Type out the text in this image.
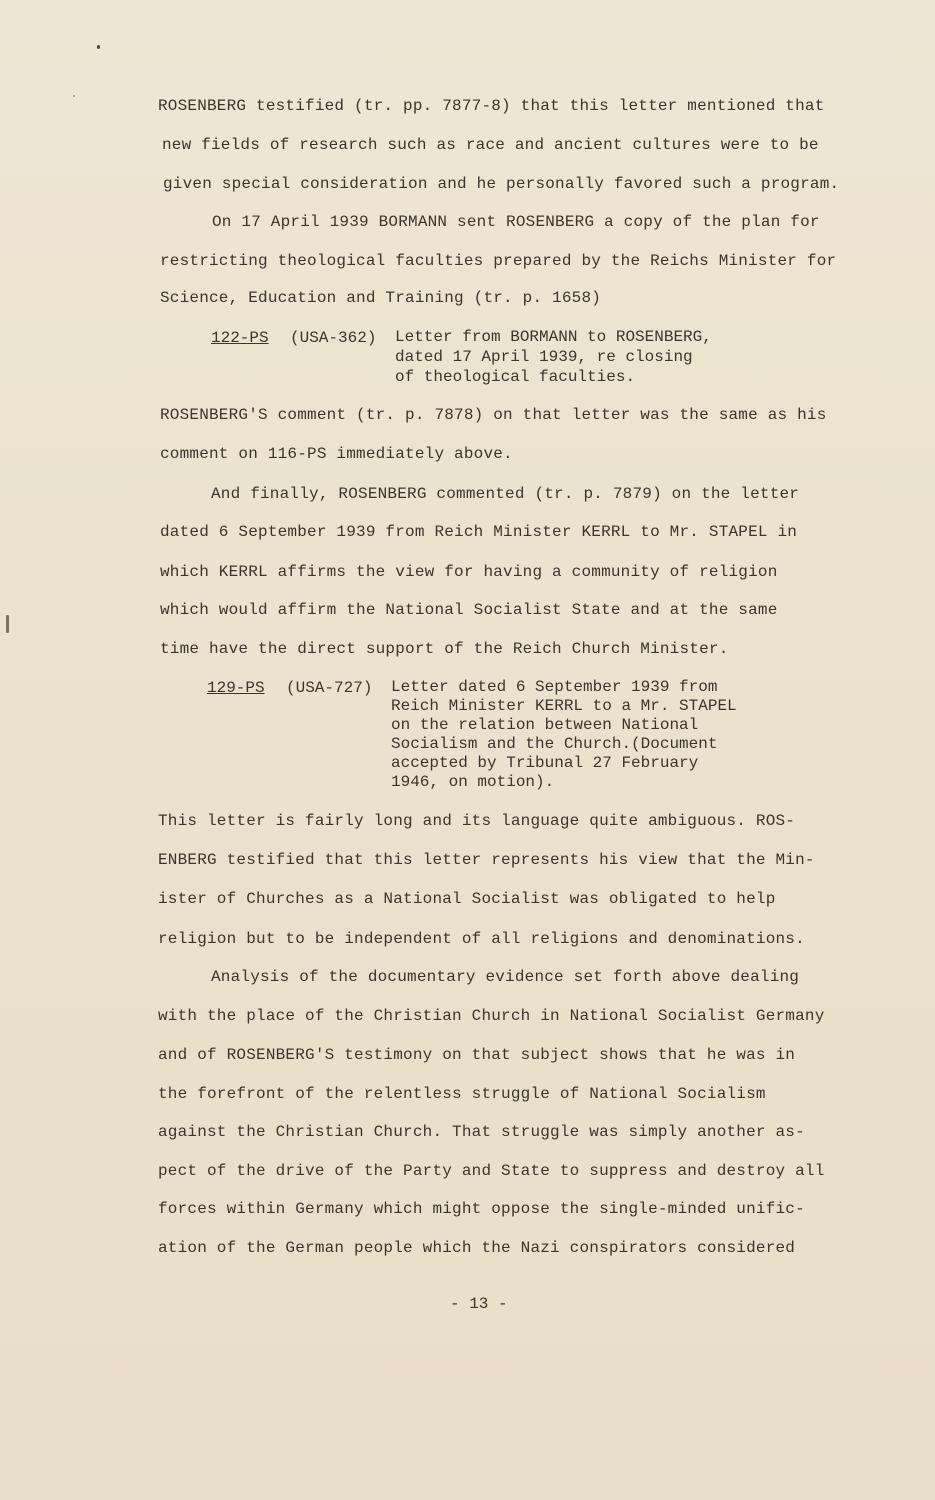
ROSENBERG testified (tr. pp. 7877-8) that this letter mentioned that
new fields of research such as race and ancient cultures were to be
given special consideration and he personally favored such a program.
On 17 April 1939 BORMANN sent ROSENBERG a copy of the plan for
restricting theological faculties prepared by the Reichs Minister for
Science, Education and Training (tr. p. 1658)
122-PS (USA-362) Letter from BORMANN to ROSENBERG,
dated 17 April 1939, re closing
of theological faculties.
ROSENBERG'S comment (tr. p. 7878) on that letter was the same as his
comment on 116-PS immediately above.
And finally, ROSENBERG commented (tr. p. 7879) on the letter
dated 6 September 1939 from Reich Minister KERRL to Mr. STAPEL in
which KERRL affirms the view for having a community of religion
which would affirm the National Socialist State and at the same
time have the direct support of the Reich Church Minister.
129-PS (USA-727) Letter dated 6 September 1939 from
Reich Minister KERRL to a Mr. STAPEL
on the relation between National
Socialism and the Church.(Document
accepted by Tribunal 27 February
1946, on motion).
This letter is fairly long and its language quite ambiguous. ROS-
ENBERG testified that this letter represents his view that the Min-
ister of Churches as a National Socialist was obligated to help
religion but to be independent of all religions and denominations.
Analysis of the documentary evidence set forth above dealing
with the place of the Christian Church in National Socialist Germany
and of ROSENBERG'S testimony on that subject shows that he was in
the forefront of the relentless struggle of National Socialism
against the Christian Church. That struggle was simply another as-
pect of the drive of the Party and State to suppress and destroy all
forces within Germany which might oppose the single-minded unific-
ation of the German people which the Nazi conspirators considered
- 13 -
